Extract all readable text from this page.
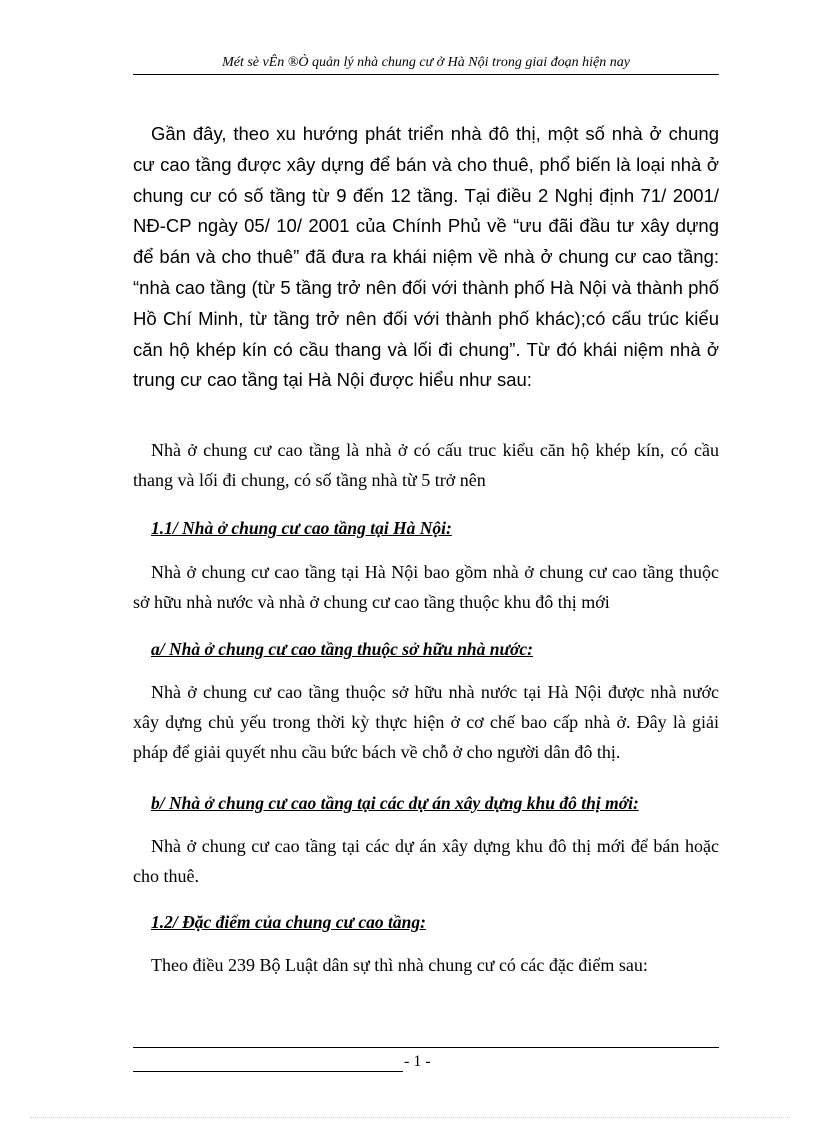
Mét sè vÊn ®Ò quản lý nhà chung cư ở Hà Nội trong giai đoạn hiện nay

Gần đây, theo xu hướng phát triển nhà đô thị, một số nhà ở chung cư cao tầng được xây dựng để bán và cho thuê, phổ biến là loại nhà ở chung cư có số tầng từ 9 đến 12 tầng. Tại điều 2 Nghị định 71/ 2001/ NĐ-CP ngày 05/ 10/ 2001 của Chính Phủ về “ưu đãi đầu tư xây dựng để bán và cho thuê” đã đưa ra khái niệm về nhà ở chung cư cao tầng: “nhà cao tầng (từ 5 tầng trở nên đối với thành phố Hà Nội và thành phố Hồ Chí Minh, từ tầng trở nên đối với thành phố khác);có cấu trúc kiểu căn hộ khép kín có cầu thang và lối đi chung”. Từ đó khái niệm nhà ở trung cư cao tầng tại Hà Nội được hiểu như sau:

Nhà ở chung cư cao tầng là nhà ở có cấu truc kiểu căn hộ khép kín, có cầu thang và lối đi chung, có số tầng nhà từ 5 trở nên

1.1/ Nhà ở chung cư cao tầng tại Hà Nội:

Nhà ở chung cư cao tầng tại Hà Nội bao gồm nhà ở chung cư cao tầng thuộc sở hữu nhà nước và nhà ở chung cư cao tầng thuộc khu đô thị mới

a/ Nhà ở chung cư cao tầng thuộc sở hữu nhà nước:

Nhà ở chung cư cao tầng thuộc sở hữu nhà nước tại Hà Nội được nhà nước xây dựng chủ yếu trong thời kỳ thực hiện ở cơ chế bao cấp nhà ở. Đây là giải pháp để giải quyết nhu cầu bức bách về chỗ ở cho người dân đô thị.

b/ Nhà ở chung cư cao tầng tại các dự án xây dựng khu đô thị mới:

Nhà ở chung cư cao tầng tại các dự án xây dựng khu đô thị mới để bán hoặc cho thuê.

1.2/ Đặc điểm của chung cư cao tầng:

Theo điều 239 Bộ Luật dân sự thì nhà chung cư có các đặc điểm sau:

- 1 -
